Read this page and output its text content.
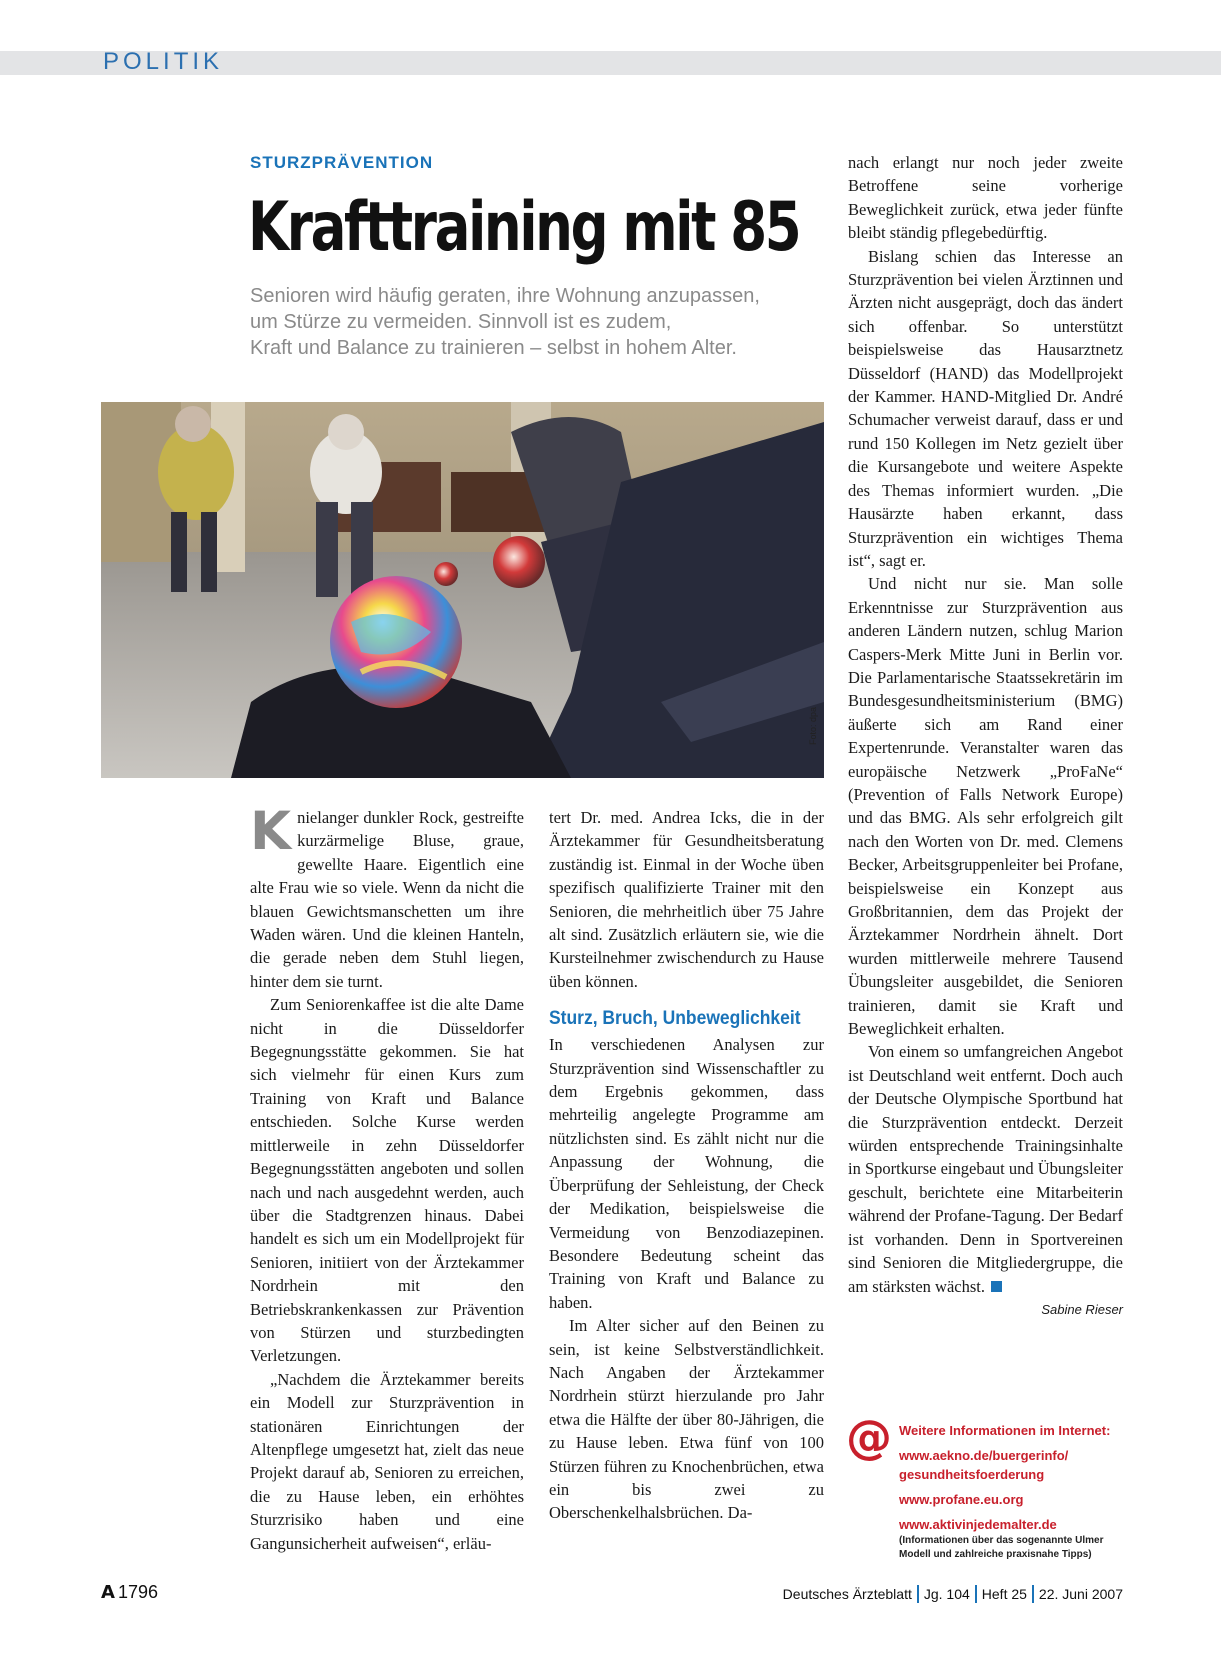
POLITIK
STURZPRÄVENTION
Krafttraining mit 85
Senioren wird häufig geraten, ihre Wohnung anzupassen,
um Stürze zu vermeiden. Sinnvoll ist es zudem,
Kraft und Balance zu trainieren – selbst in hohem Alter.
Foto: dpa

Knielanger dunkler Rock, gestreifte kurzärmelige Bluse, graue, gewellte Haare. Eigentlich eine alte Frau wie so viele. Wenn da nicht die blauen Gewichtsmanschetten um ihre Waden wären. Und die kleinen Hanteln, die gerade neben dem Stuhl liegen, hinter dem sie turnt.

Zum Seniorenkaffee ist die alte Dame nicht in die Düsseldorfer Begegnungsstätte gekommen. Sie hat sich vielmehr für einen Kurs zum Training von Kraft und Balance entschieden. Solche Kurse werden mittlerweile in zehn Düsseldorfer Begegnungsstätten angeboten und sollen nach und nach ausgedehnt werden, auch über die Stadtgrenzen hinaus. Dabei handelt es sich um ein Modellprojekt für Senioren, initiiert von der Ärztekammer Nordrhein mit den Betriebskrankenkassen zur Prävention von Stürzen und sturzbedingten Verletzungen.

„Nachdem die Ärztekammer bereits ein Modell zur Sturzprävention in stationären Einrichtungen der Altenpflege umgesetzt hat, zielt das neue Projekt darauf ab, Senioren zu erreichen, die zu Hause leben, ein erhöhtes Sturzrisiko haben und eine Gangunsicherheit aufweisen“, erläu-

tert Dr. med. Andrea Icks, die in der Ärztekammer für Gesundheitsberatung zuständig ist. Einmal in der Woche üben spezifisch qualifizierte Trainer mit den Senioren, die mehrheitlich über 75 Jahre alt sind. Zusätzlich erläutern sie, wie die Kursteilnehmer zwischendurch zu Hause üben können.

Sturz, Bruch, Unbeweglichkeit

In verschiedenen Analysen zur Sturzprävention sind Wissenschaftler zu dem Ergebnis gekommen, dass mehrteilig angelegte Programme am nützlichsten sind. Es zählt nicht nur die Anpassung der Wohnung, die Überprüfung der Sehleistung, der Check der Medikation, beispielsweise die Vermeidung von Benzodiazepinen. Besondere Bedeutung scheint das Training von Kraft und Balance zu haben.

Im Alter sicher auf den Beinen zu sein, ist keine Selbstverständlichkeit. Nach Angaben der Ärztekammer Nordrhein stürzt hierzulande pro Jahr etwa die Hälfte der über 80-Jährigen, die zu Hause leben. Etwa fünf von 100 Stürzen führen zu Knochenbrüchen, etwa ein bis zwei zu Oberschenkelhalsbrüchen. Da-

nach erlangt nur noch jeder zweite Betroffene seine vorherige Beweglichkeit zurück, etwa jeder fünfte bleibt ständig pflegebedürftig.

Bislang schien das Interesse an Sturzprävention bei vielen Ärztinnen und Ärzten nicht ausgeprägt, doch das ändert sich offenbar. So unterstützt beispielsweise das Hausarztnetz Düsseldorf (HAND) das Modellprojekt der Kammer. HAND-Mitglied Dr. André Schumacher verweist darauf, dass er und rund 150 Kollegen im Netz gezielt über die Kursangebote und weitere Aspekte des Themas informiert wurden. „Die Hausärzte haben erkannt, dass Sturzprävention ein wichtiges Thema ist“, sagt er.

Und nicht nur sie. Man solle Erkenntnisse zur Sturzprävention aus anderen Ländern nutzen, schlug Marion Caspers-Merk Mitte Juni in Berlin vor. Die Parlamentarische Staatssekretärin im Bundesgesundheitsministerium (BMG) äußerte sich am Rand einer Expertenrunde. Veranstalter waren das europäische Netzwerk „ProFaNe“ (Prevention of Falls Network Europe) und das BMG. Als sehr erfolgreich gilt nach den Worten von Dr. med. Clemens Becker, Arbeitsgruppenleiter bei Profane, beispielsweise ein Konzept aus Großbritannien, dem das Projekt der Ärztekammer Nordrhein ähnelt. Dort wurden mittlerweile mehrere Tausend Übungsleiter ausgebildet, die Senioren trainieren, damit sie Kraft und Beweglichkeit erhalten.

Von einem so umfangreichen Angebot ist Deutschland weit entfernt. Doch auch der Deutsche Olympische Sportbund hat die Sturzprävention entdeckt. Derzeit würden entsprechende Trainingsinhalte in Sportkurse eingebaut und Übungsleiter geschult, berichtete eine Mitarbeiterin während der Profane-Tagung. Der Bedarf ist vorhanden. Denn in Sportvereinen sind Senioren die Mitgliedergruppe, die am stärksten wächst.

Sabine Rieser

@ Weitere Informationen im Internet:
www.aekno.de/buergerinfo/
gesundheitsfoerderung
www.profane.eu.org
www.aktivinjedemalter.de
(Informationen über das sogenannte Ulmer
Modell und zahlreiche praxisnahe Tipps)
A 1796	Deutsches Ärzteblatt Jg. 104 Heft 25 22. Juni 2007
